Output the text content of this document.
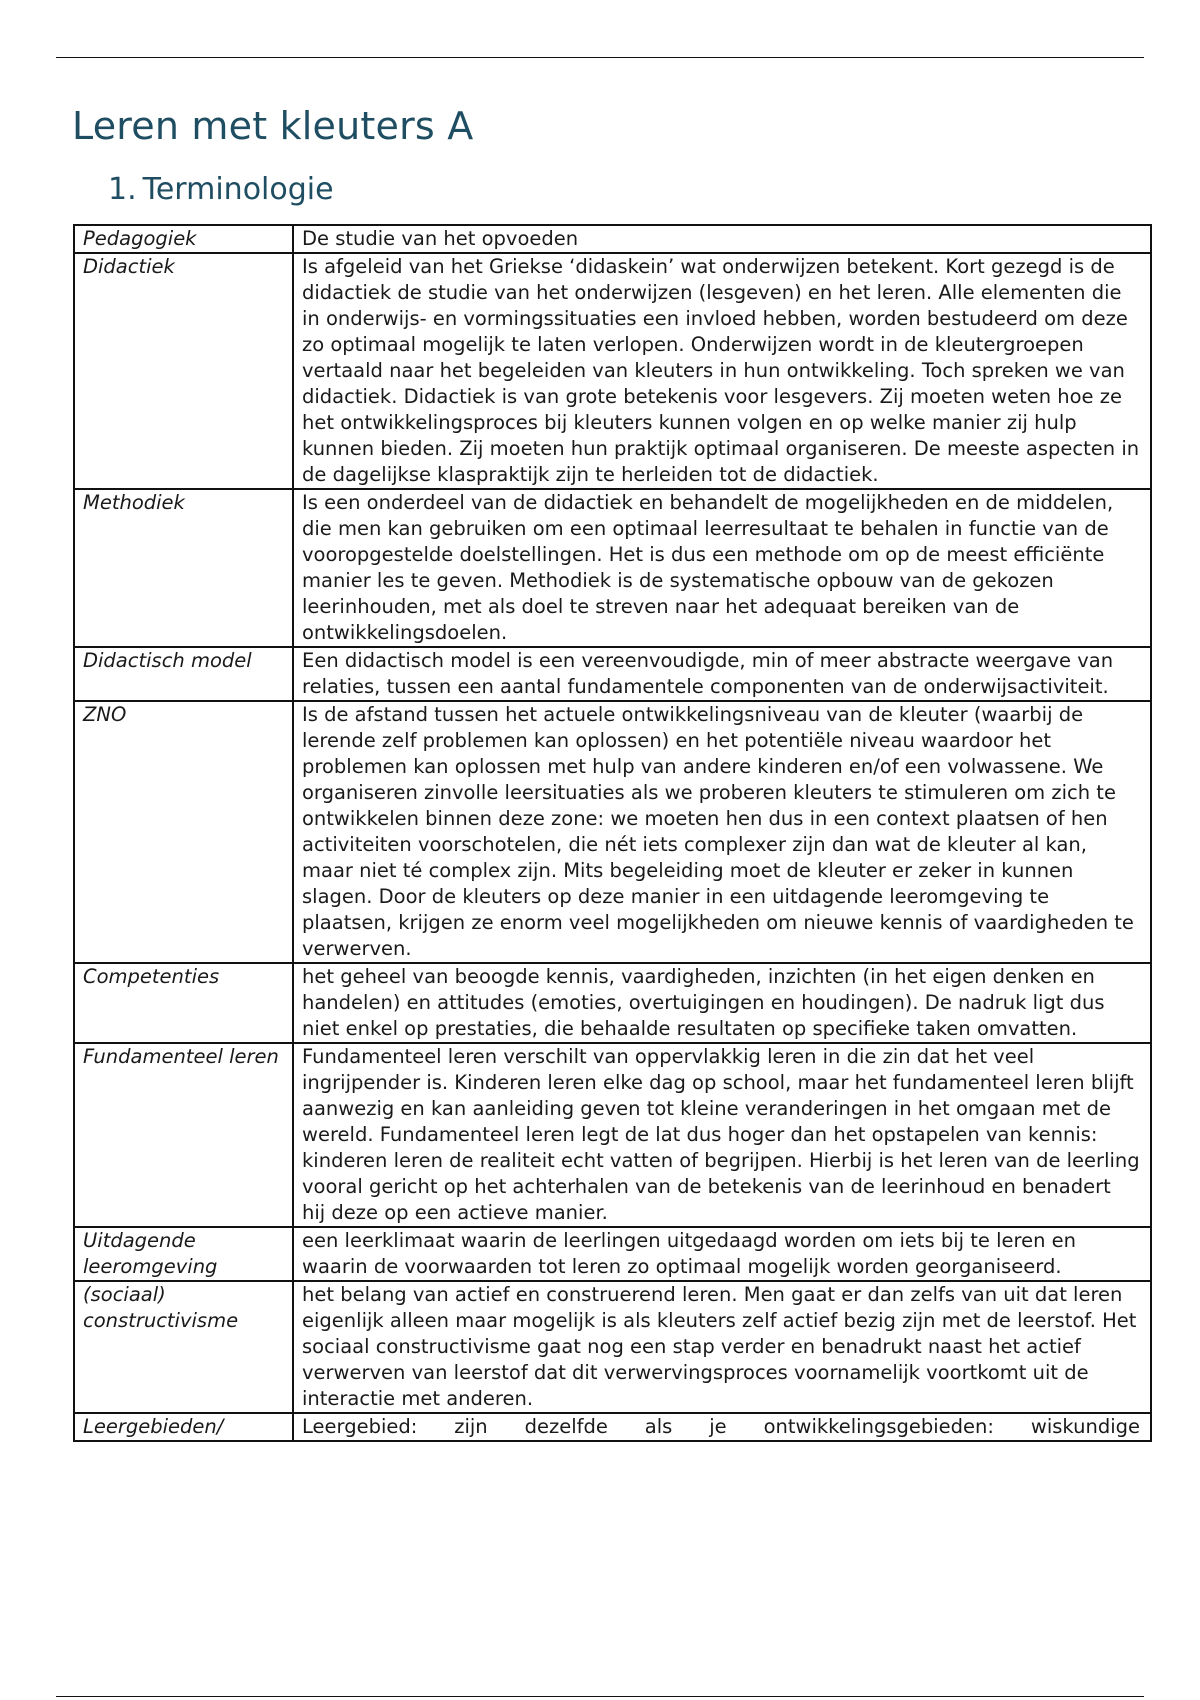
Leren met kleuters A
1. Terminologie
Pedagogiek	De studie van het opvoeden
Didactiek	Is afgeleid van het Griekse ‘didaskein’ wat onderwijzen betekent. Kort gezegd is de didactiek de studie van het onderwijzen (lesgeven) en het leren. Alle elementen die in onderwijs- en vormingssituaties een invloed hebben, worden bestudeerd om deze zo optimaal mogelijk te laten verlopen. Onderwijzen wordt in de kleutergroepen vertaald naar het begeleiden van kleuters in hun ontwikkeling. Toch spreken we van didactiek. Didactiek is van grote betekenis voor lesgevers. Zij moeten weten hoe ze het ontwikkelingsproces bij kleuters kunnen volgen en op welke manier zij hulp kunnen bieden. Zij moeten hun praktijk optimaal organiseren. De meeste aspecten in de dagelijkse klaspraktijk zijn te herleiden tot de didactiek.
Methodiek	Is een onderdeel van de didactiek en behandelt de mogelijkheden en de middelen, die men kan gebruiken om een optimaal leerresultaat te behalen in functie van de vooropgestelde doelstellingen. Het is dus een methode om op de meest efficiënte manier les te geven. Methodiek is de systematische opbouw van de gekozen leerinhouden, met als doel te streven naar het adequaat bereiken van de ontwikkelingsdoelen.
Didactisch model	Een didactisch model is een vereenvoudigde, min of meer abstracte weergave van relaties, tussen een aantal fundamentele componenten van de onderwijsactiviteit.
ZNO	Is de afstand tussen het actuele ontwikkelingsniveau van de kleuter (waarbij de lerende zelf problemen kan oplossen) en het potentiële niveau waardoor het problemen kan oplossen met hulp van andere kinderen en/of een volwassene. We organiseren zinvolle leersituaties als we proberen kleuters te stimuleren om zich te ontwikkelen binnen deze zone: we moeten hen dus in een context plaatsen of hen activiteiten voorschotelen, die nét iets complexer zijn dan wat de kleuter al kan, maar niet té complex zijn. Mits begeleiding moet de kleuter er zeker in kunnen slagen. Door de kleuters op deze manier in een uitdagende leeromgeving te plaatsen, krijgen ze enorm veel mogelijkheden om nieuwe kennis of vaardigheden te verwerven.
Competenties	het geheel van beoogde kennis, vaardigheden, inzichten (in het eigen denken en handelen) en attitudes (emoties, overtuigingen en houdingen). De nadruk ligt dus niet enkel op prestaties, die behaalde resultaten op specifieke taken omvatten.
Fundamenteel leren	Fundamenteel leren verschilt van oppervlakkig leren in die zin dat het veel ingrijpender is. Kinderen leren elke dag op school, maar het fundamenteel leren blijft aanwezig en kan aanleiding geven tot kleine veranderingen in het omgaan met de wereld. Fundamenteel leren legt de lat dus hoger dan het opstapelen van kennis: kinderen leren de realiteit echt vatten of begrijpen. Hierbij is het leren van de leerling vooral gericht op het achterhalen van de betekenis van de leerinhoud en benadert hij deze op een actieve manier.
Uitdagende leeromgeving	een leerklimaat waarin de leerlingen uitgedaagd worden om iets bij te leren en waarin de voorwaarden tot leren zo optimaal mogelijk worden georganiseerd.
(sociaal) constructivisme	het belang van actief en construerend leren. Men gaat er dan zelfs van uit dat leren eigenlijk alleen maar mogelijk is als kleuters zelf actief bezig zijn met de leerstof. Het sociaal constructivisme gaat nog een stap verder en benadrukt naast het actief verwerven van leerstof dat dit verwervingsproces voornamelijk voortkomt uit de interactie met anderen.
Leergebieden/	Leergebied: zijn dezelfde als je ontwikkelingsgebieden: wiskundige
